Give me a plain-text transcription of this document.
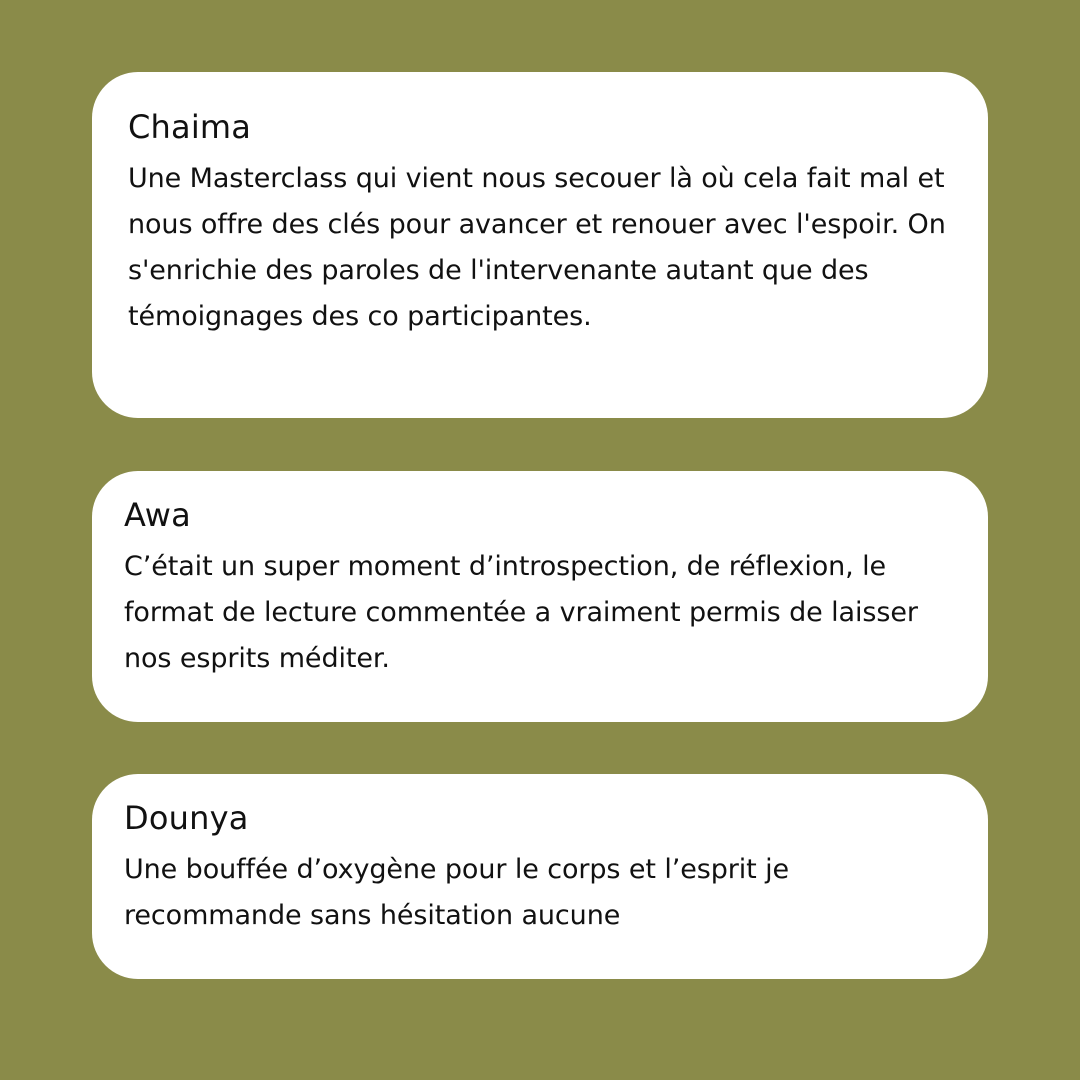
Chaima

Une Masterclass qui vient nous secouer là où cela fait mal et nous offre des clés pour avancer et renouer avec l'espoir. On s'enrichie des paroles de l'intervenante autant que des témoignages des co participantes.

Awa

C’était un super moment d’introspection, de réflexion, le format de lecture commentée a vraiment permis de laisser nos esprits méditer.

Dounya

Une bouffée d’oxygène pour le corps et l’esprit je recommande sans hésitation aucune
